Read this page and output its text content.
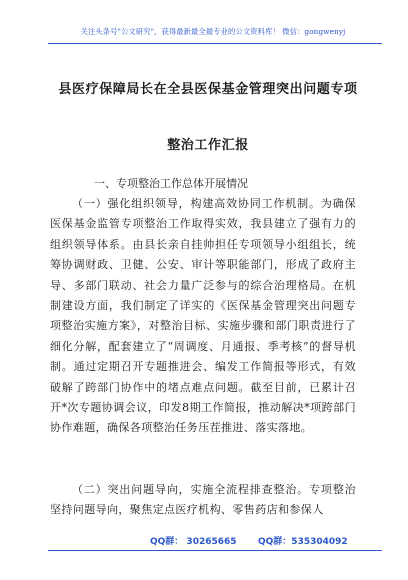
关注头条号"公文研究"，获得最新最全最专业的公文资料库！ 微信：gongwenyj
县医疗保障局长在全县医保基金管理突出问题专项整治工作汇报
一、专项整治工作总体开展情况
（一）强化组织领导，构建高效协同工作机制。为确保医保基金监管专项整治工作取得实效，我县建立了强有力的组织领导体系。由县长亲自挂帅担任专项领导小组组长，统筹协调财政、卫健、公安、审计等职能部门，形成了政府主导、多部门联动、社会力量广泛参与的综合治理格局。在机制建设方面，我们制定了详实的《医保基金管理突出问题专项整治实施方案》，对整治目标、实施步骤和部门职责进行了细化分解，配套建立了“周调度、月通报、季考核”的督导机制。通过定期召开专题推进会、编发工作简报等形式，有效破解了跨部门协作中的堵点难点问题。截至目前，已累计召开*次专题协调会议，印发8期工作简报，推动解决*项跨部门协作难题，确保各项整治任务压茬推进、落实落地。
（二）突出问题导向，实施全流程排查整治。专项整治坚持问题导向，聚焦定点医疗机构、零售药店和参保人
QQ群： 30265665 QQ群：535304092
